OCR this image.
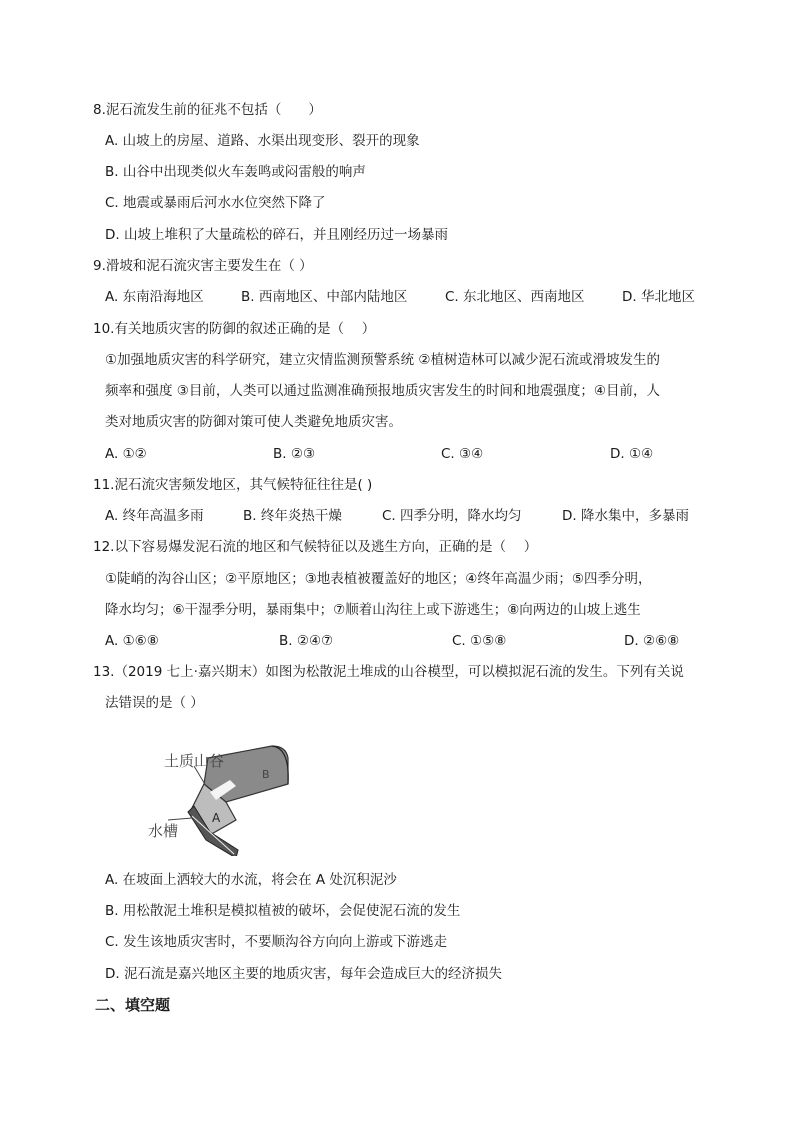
8.泥石流发生前的征兆不包括（　　）
A. 山坡上的房屋、道路、水渠出现变形、裂开的现象
B. 山谷中出现类似火车轰鸣或闷雷般的响声
C. 地震或暴雨后河水水位突然下降了
D. 山坡上堆积了大量疏松的碎石，并且刚经历过一场暴雨
9.滑坡和泥石流灾害主要发生在（ ）
A. 东南沿海地区	B. 西南地区、中部内陆地区	C. 东北地区、西南地区	D. 华北地区
10.有关地质灾害的防御的叙述正确的是（　 ）
①加强地质灾害的科学研究，建立灾情监测预警系统 ②植树造林可以减少泥石流或滑坡发生的
频率和强度 ③目前，人类可以通过监测准确预报地质灾害发生的时间和地震强度；④目前，人
类对地质灾害的防御对策可使人类避免地质灾害。
A. ①②	B. ②③	C. ③④	D. ①④
11.泥石流灾害频发地区，其气候特征往往是( )
A. 终年高温多雨	B. 终年炎热干燥	C. 四季分明，降水均匀	D. 降水集中，多暴雨
12.以下容易爆发泥石流的地区和气候特征以及逃生方向，正确的是（　 ）
①陡峭的沟谷山区；②平原地区；③地表植被覆盖好的地区；④终年高温少雨；⑤四季分明，
降水均匀；⑥干湿季分明，暴雨集中；⑦顺着山沟往上或下游逃生；⑧向两边的山坡上逃生
A. ①⑥⑧	B. ②④⑦	C. ①⑤⑧	D. ②⑥⑧
13.（2019 七上·嘉兴期末）如图为松散泥土堆成的山谷模型，可以模拟泥石流的发生。下列有关说
法错误的是（ ）
A
B
土质山谷
水槽
A. 在坡面上洒较大的水流，将会在 A 处沉积泥沙
B. 用松散泥土堆积是模拟植被的破坏，会促使泥石流的发生
C. 发生该地质灾害时，不要顺沟谷方向向上游或下游逃走
D. 泥石流是嘉兴地区主要的地质灾害，每年会造成巨大的经济损失
二、填空题
